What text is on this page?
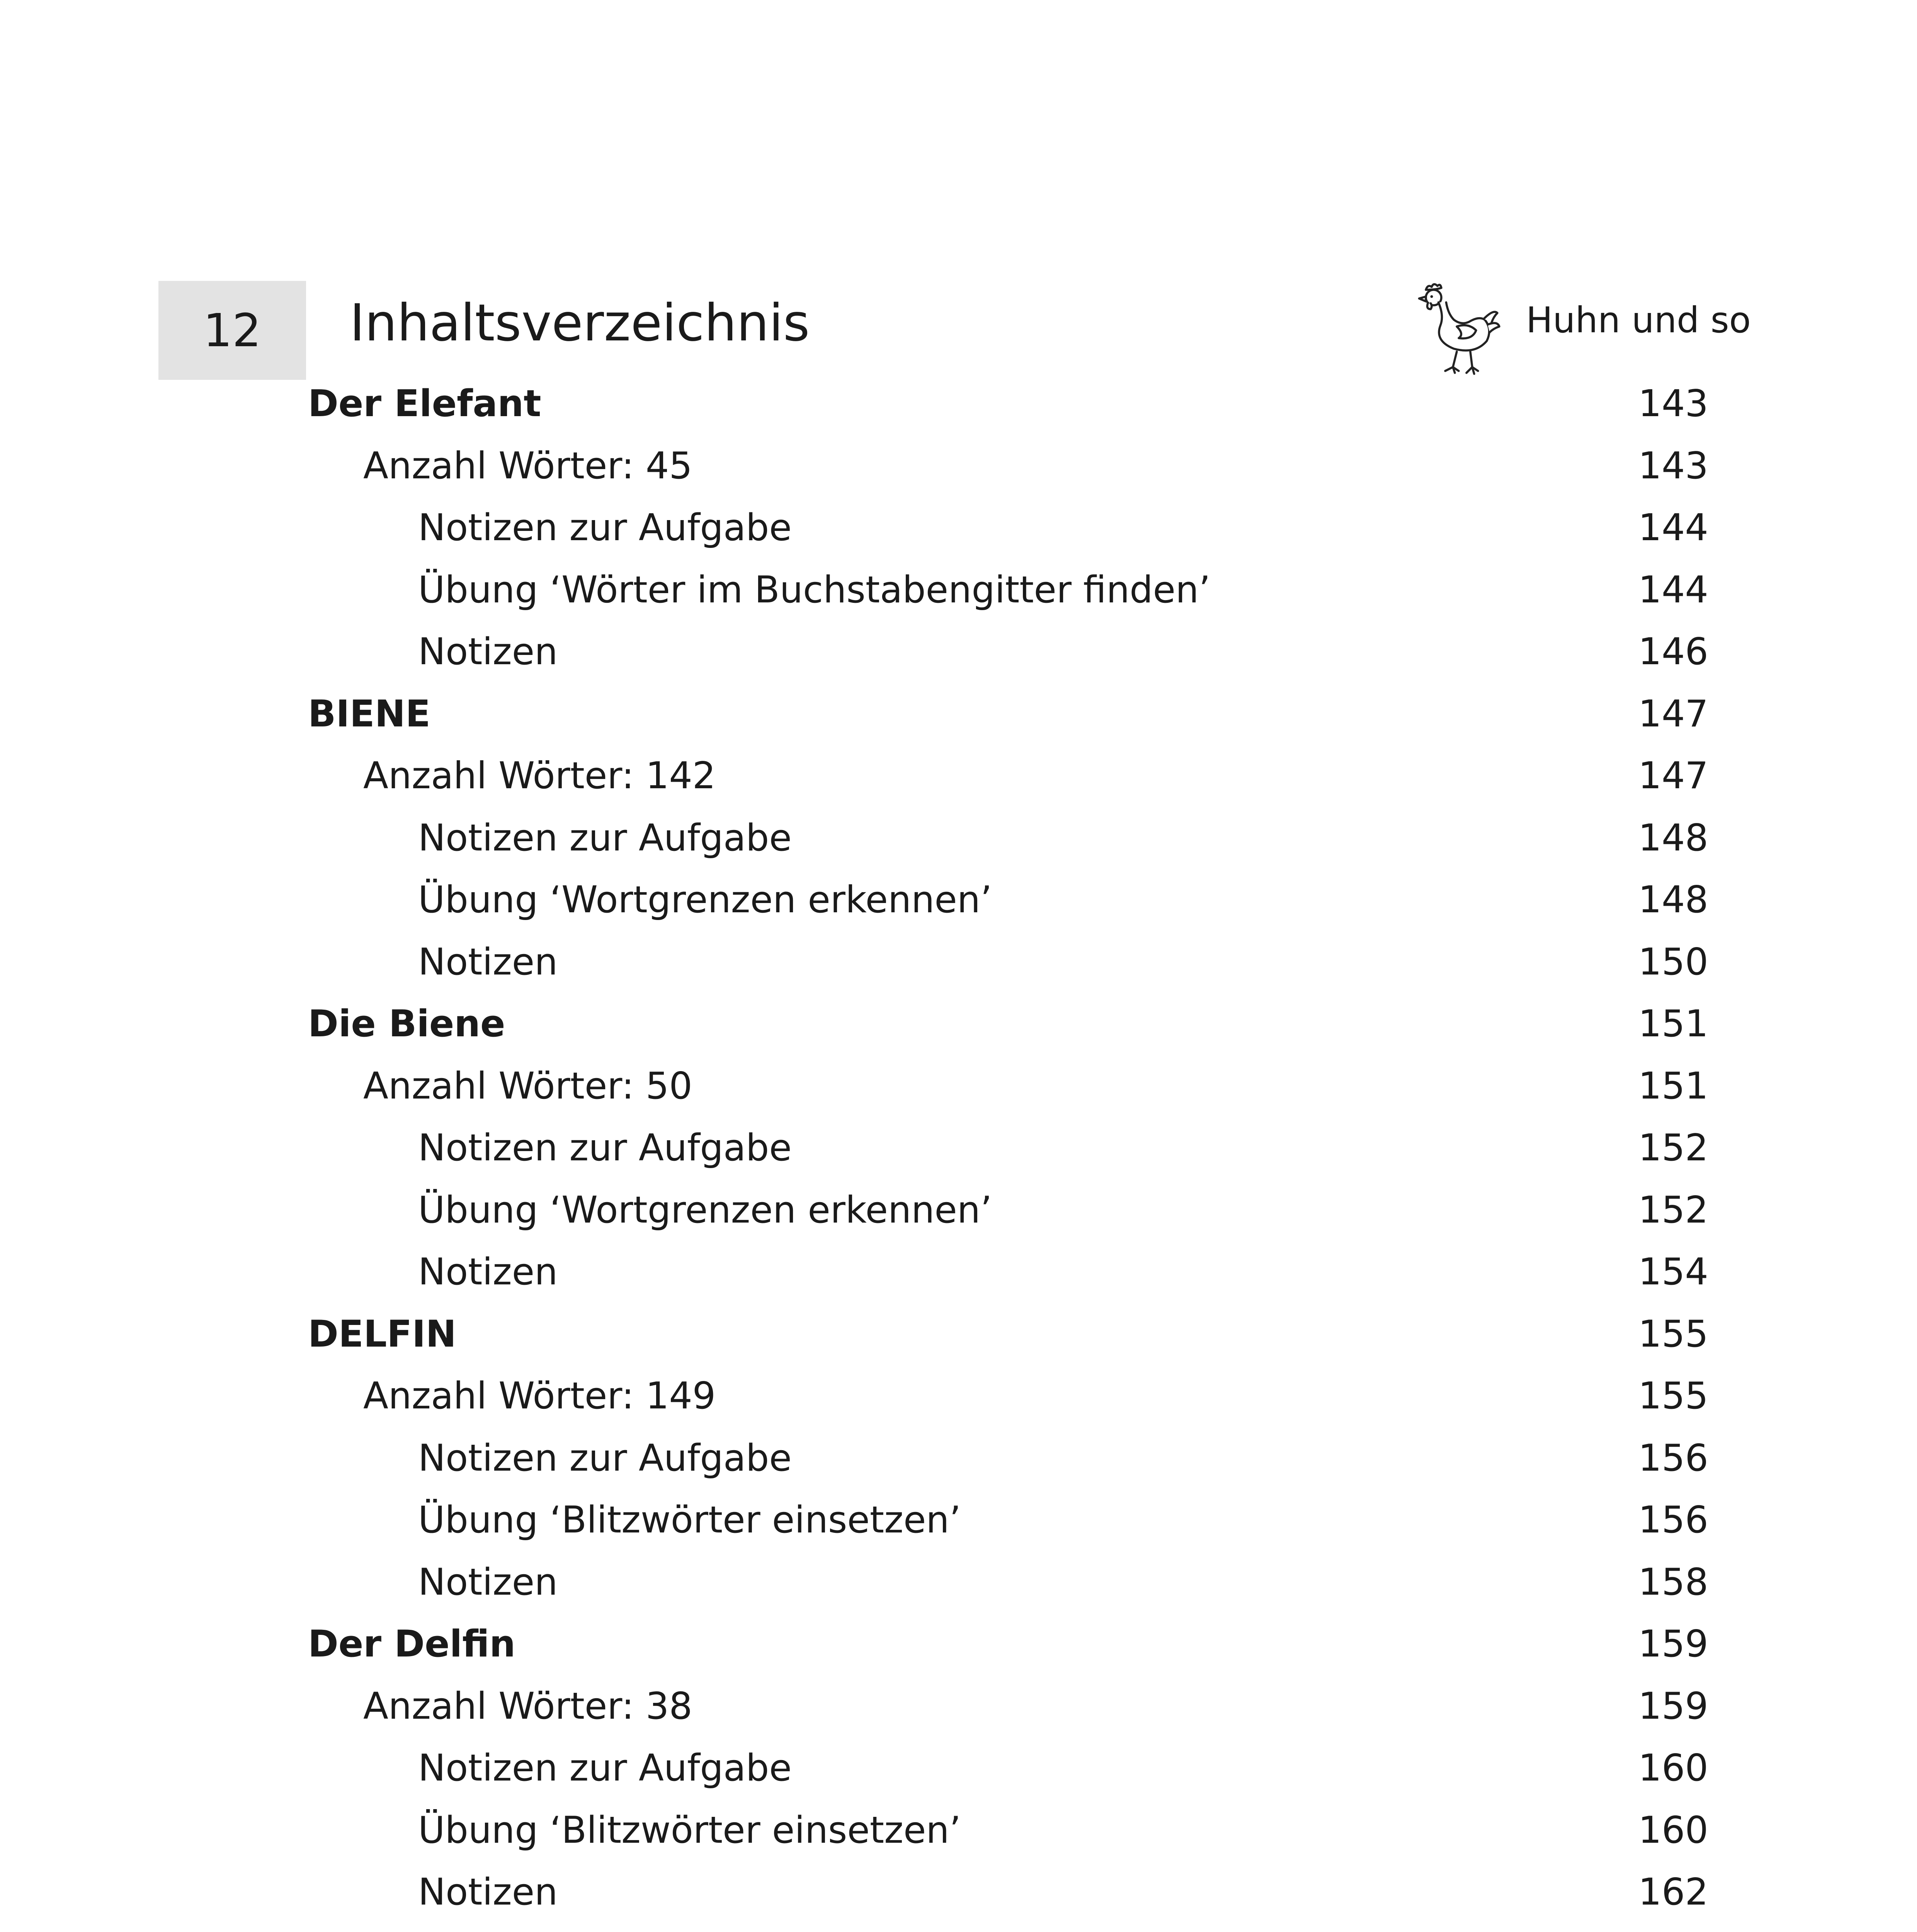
12 Inhaltsverzeichnis	Huhn und so
Der Elefant	143
Anzahl Wörter: 45	143
Notizen zur Aufgabe	144
Übung ‘Wörter im Buchstabengitter finden’	144
Notizen	146
BIENE	147
Anzahl Wörter: 142	147
Notizen zur Aufgabe	148
Übung ‘Wortgrenzen erkennen’	148
Notizen	150
Die Biene	151
Anzahl Wörter: 50	151
Notizen zur Aufgabe	152
Übung ‘Wortgrenzen erkennen’	152
Notizen	154
DELFIN	155
Anzahl Wörter: 149	155
Notizen zur Aufgabe	156
Übung ‘Blitzwörter einsetzen’	156
Notizen	158
Der Delfin	159
Anzahl Wörter: 38	159
Notizen zur Aufgabe	160
Übung ‘Blitzwörter einsetzen’	160
Notizen	162
